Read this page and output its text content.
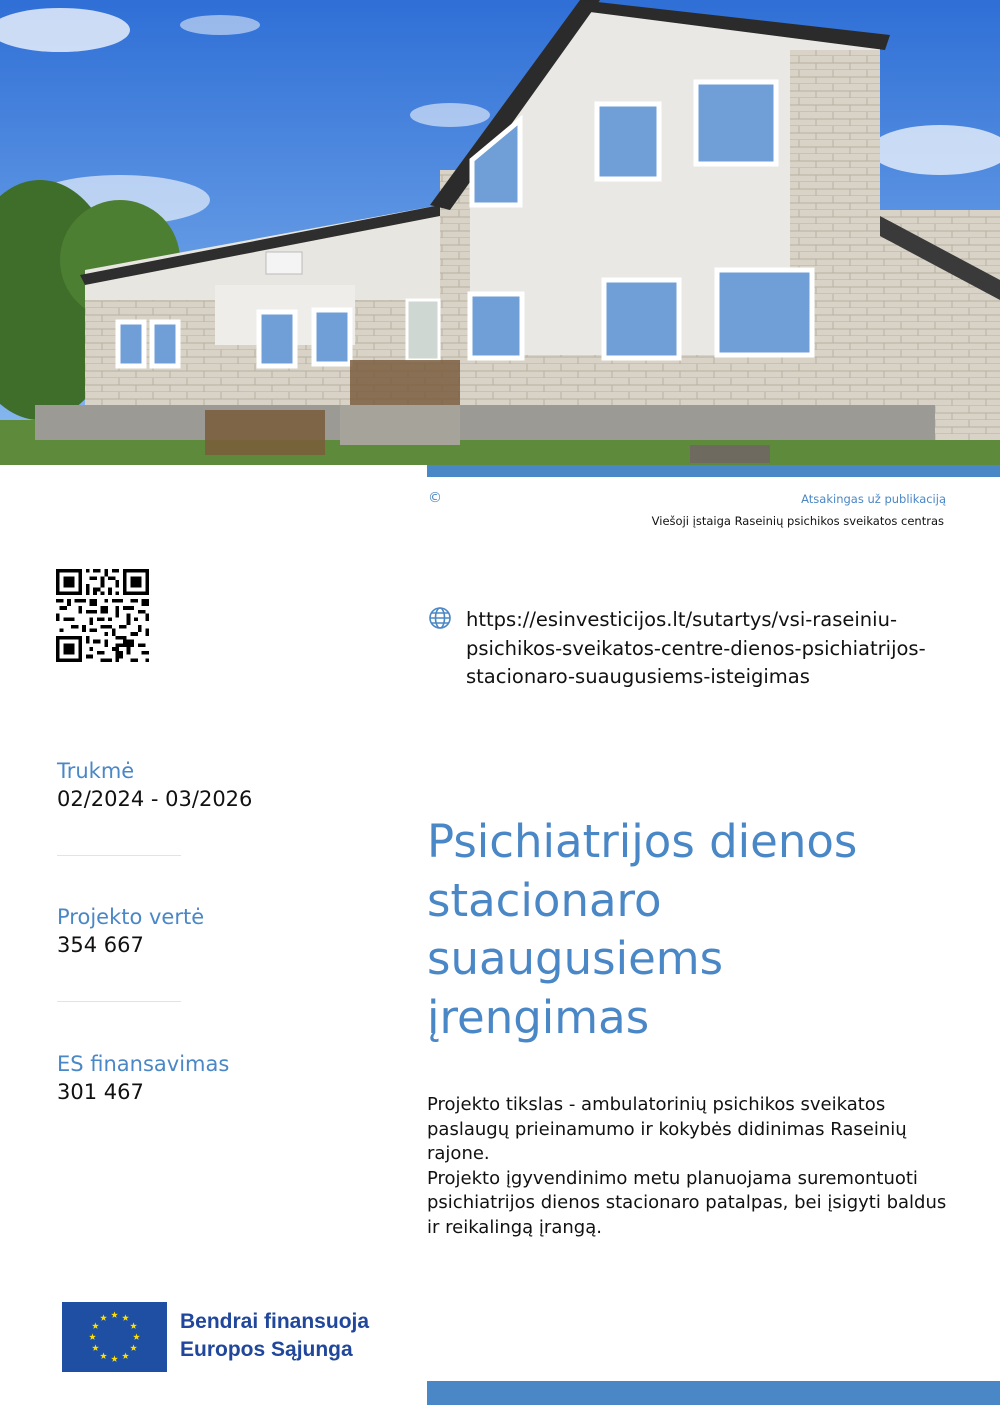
©	Atsakingas už publikaciją
Viešoji įstaiga Raseinių psichikos sveikatos centras
https://esinvesticijos.lt/sutartys/vsi-raseiniu-psichikos-sveikatos-centre-dienos-psichiatrijos-stacionaro-suaugusiems-isteigimas
Trukmė
02/2024 - 03/2026
Projekto vertė
354 667
ES finansavimas
301 467
Psichiatrijos dienos stacionaro suaugusiems įrengimas

Projekto tikslas - ambulatorinių psichikos sveikatos paslaugų prieinamumo ir kokybės didinimas Raseinių rajone.

Projekto įgyvendinimo metu planuojama suremontuoti psichiatrijos dienos stacionaro patalpas, bei įsigyti baldus ir reikalingą įrangą.

Bendrai finansuoja
Europos Sąjunga
